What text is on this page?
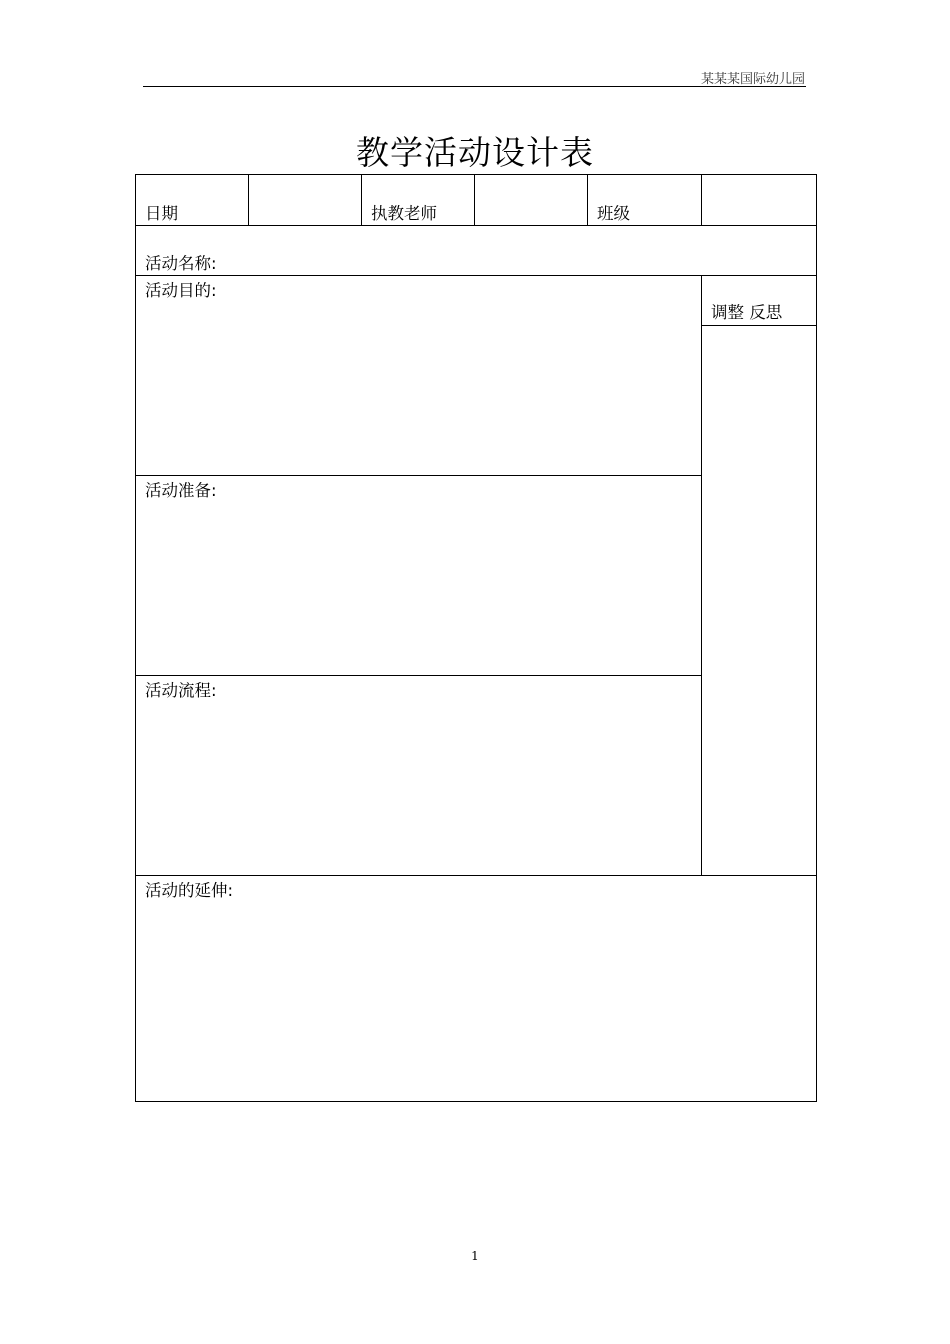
某某某国际幼儿园
教学活动设计表
日期		执教老师		班级	
活动名称:					
活动目的:					调整 反思

活动准备:					
活动流程:					
活动的延伸:					
1
